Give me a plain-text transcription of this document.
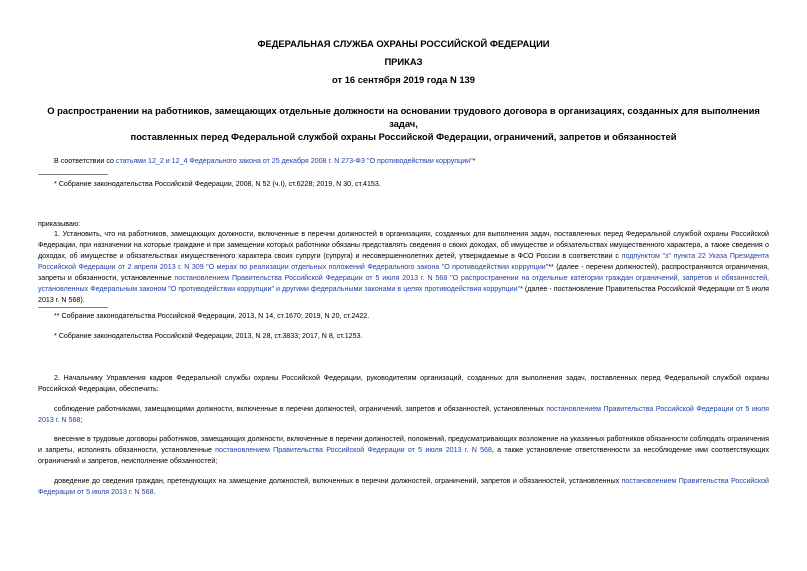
ФЕДЕРАЛЬНАЯ СЛУЖБА ОХРАНЫ РОССИЙСКОЙ ФЕДЕРАЦИИ
ПРИКАЗ
от 16 сентября 2019 года N 139
О распространении на работников, замещающих отдельные должности на основании трудового договора в организациях, созданных для выполнения задач,
поставленных перед Федеральной службой охраны Российской Федерации, ограничений, запретов и обязанностей
В соответствии со статьями 12_2 и 12_4 Федерального закона от 25 декабря 2008 г. N 273-ФЗ "О противодействии коррупции"*
* Собрание законодательства Российской Федерации, 2008, N 52 (ч.I), ст.6228; 2019, N 30, ст.4153.
приказываю:

1. Установить, что на работников, замещающих должности, включенные в перечни должностей в организациях, созданных для выполнения задач, поставленных перед Федеральной службой охраны Российской Федерации, при назначении на которые граждане и при замещении которых работники обязаны представлять сведения о своих доходах, об имуществе и обязательствах имущественного характера, а также сведения о доходах, об имуществе и обязательствах имущественного характера своих супруги (супруга) и несовершеннолетних детей, утверждаемые в ФСО России в соответствии с подпунктом "з" пункта 22 Указа Президента Российской Федерации от 2 апреля 2013 г. N 309 "О мерах по реализации отдельных положений Федерального закона "О противодействии коррупции"** (далее - перечни должностей), распространяются ограничения, запреты и обязанности, установленные постановлением Правительства Российской Федерации от 5 июля 2013 г. N 568 "О распространении на отдельные категории граждан ограничений, запретов и обязанностей, установленных Федеральным законом "О противодействии коррупции" и другими федеральными законами в целях противодействия коррупции"* (далее - постановление Правительства Российской Федерации от 5 июля 2013 г. N 568).

** Собрание законодательства Российской Федерации, 2013, N 14, ст.1670; 2019, N 20, ст.2422.
* Собрание законодательства Российской Федерации, 2013, N 28, ст.3833; 2017, N 8, ст.1253.

2. Начальнику Управления кадров Федеральной службы охраны Российской Федерации, руководителям организаций, созданных для выполнения задач, поставленных перед Федеральной службой охраны Российской Федерации, обеспечить:

соблюдение работниками, замещающими должности, включенные в перечни должностей, ограничений, запретов и обязанностей, установленных постановлением Правительства Российской Федерации от 5 июля 2013 г. N 568;

внесение в трудовые договоры работников, замещающих должности, включенные в перечни должностей, положений, предусматривающих возложение на указанных работников обязанности соблюдать ограничения и запреты, исполнять обязанности, установленные постановлением Правительства Российской Федерации от 5 июля 2013 г. N 568, а также установление ответственности за несоблюдение ими соответствующих ограничений и запретов, неисполнение обязанностей;

доведение до сведения граждан, претендующих на замещение должностей, включенных в перечни должностей, ограничений, запретов и обязанностей, установленных постановлением Правительства Российской Федерации от 5 июля 2013 г. N 568.
